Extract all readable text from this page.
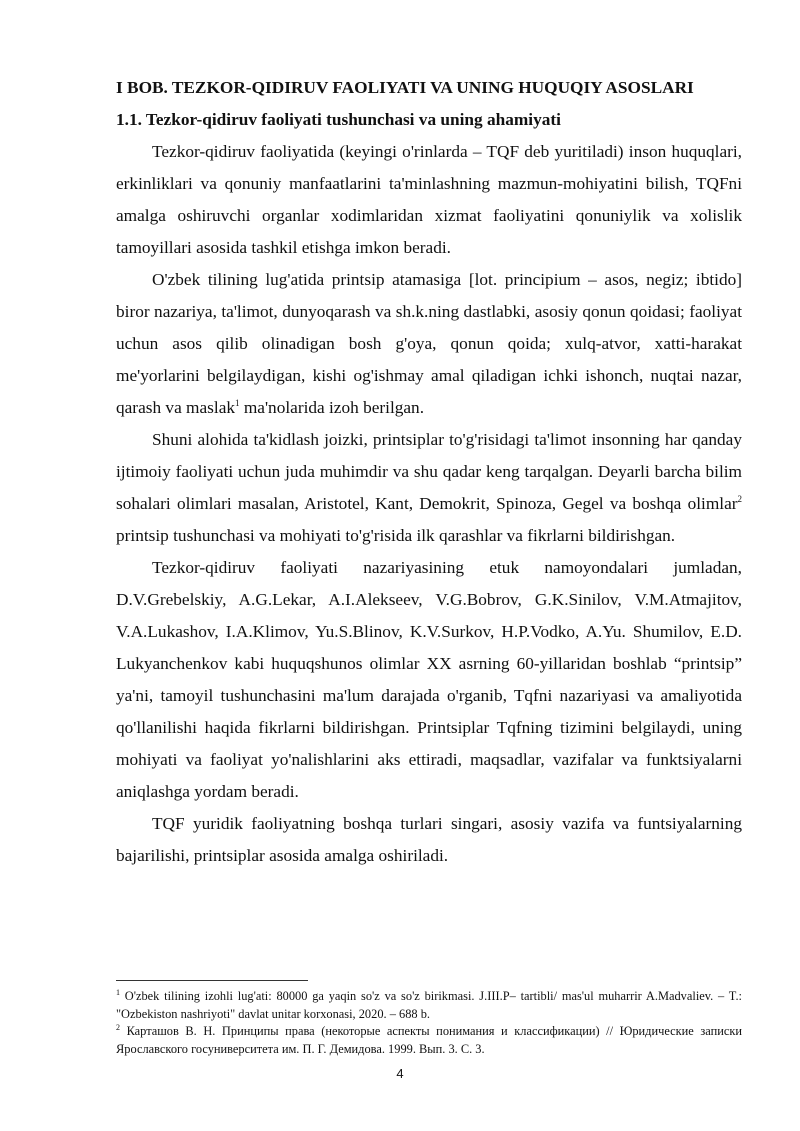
I BOB. TEZKOR-QIDIRUV FAOLIYATI VA UNING HUQUQIY ASOSLARI

1.1. Tezkor-qidiruv faoliyati tushunchasi va uning ahamiyati

Tezkor-qidiruv faoliyatida (keyingi o'rinlarda – TQF deb yuritiladi) inson huquqlari, erkinliklari va qonuniy manfaatlarini ta'minlashning mazmun-mohiyatini bilish, TQFni amalga oshiruvchi organlar xodimlaridan xizmat faoliyatini qonuniylik va xolislik tamoyillari asosida tashkil etishga imkon beradi.

O'zbek tilining lug'atida printsip atamasiga [lot. principium – asos, negiz; ibtido] biror nazariya, ta'limot, dunyoqarash va sh.k.ning dastlabki, asosiy qonun qoidasi; faoliyat uchun asos qilib olinadigan bosh g'oya, qonun qoida; xulq-atvor, xatti-harakat me'yorlarini belgilaydigan, kishi og'ishmay amal qiladigan ichki ishonch, nuqtai nazar, qarash va maslak$^1$ ma'nolarida izoh berilgan.

Shuni alohida ta'kidlash joizki, printsiplar to'g'risidagi ta'limot insonning har qanday ijtimoiy faoliyati uchun juda muhimdir va shu qadar keng tarqalgan. Deyarli barcha bilim sohalari olimlari masalan, Aristotel, Kant, Demokrit, Spinoza, Gegel va boshqa olimlar$^2$ printsip tushunchasi va mohiyati to'g'risida ilk qarashlar va fikrlarni bildirishgan.

Tezkor-qidiruv faoliyati nazariyasining etuk namoyondalari jumladan, D.V.Grebelskiy, A.G.Lekar, A.I.Alekseev, V.G.Bobrov, G.K.Sinilov, V.M.Atmajitov, V.A.Lukashov, I.A.Klimov, Yu.S.Blinov, K.V.Surkov, H.P.Vodko, A.Yu. Shumilov, E.D. Lukyanchenkov kabi huquqshunos olimlar XX asrning 60-yillaridan boshlab “printsip” ya'ni, tamoyil tushunchasini ma'lum darajada o'rganib, Tqfni nazariyasi va amaliyotida qo'llanilishi haqida fikrlarni bildirishgan. Printsiplar Tqfning tizimini belgilaydi, uning mohiyati va faoliyat yo'nalishlarini aks ettiradi, maqsadlar, vazifalar va funktsiyalarni aniqlashga yordam beradi.

TQF yuridik faoliyatning boshqa turlari singari, asosiy vazifa va funtsiyalarning bajarilishi, printsiplar asosida amalga oshiriladi.

$^1$ O'zbek tilining izohli lug'ati: 80000 ga yaqin so'z va so'z birikmasi. J.III.P– tartibli/ mas'ul muharrir A.Madvaliev. – T.: "Ozbekiston nashriyoti" davlat unitar korxonasi, 2020. – 688 b.

$^2$ Карташов В. Н. Принципы права (некоторые аспекты понимания и классификации) // Юридические записки Ярославского госуниверситета им. П. Г. Демидова. 1999. Вып. 3. С. 3.

4
